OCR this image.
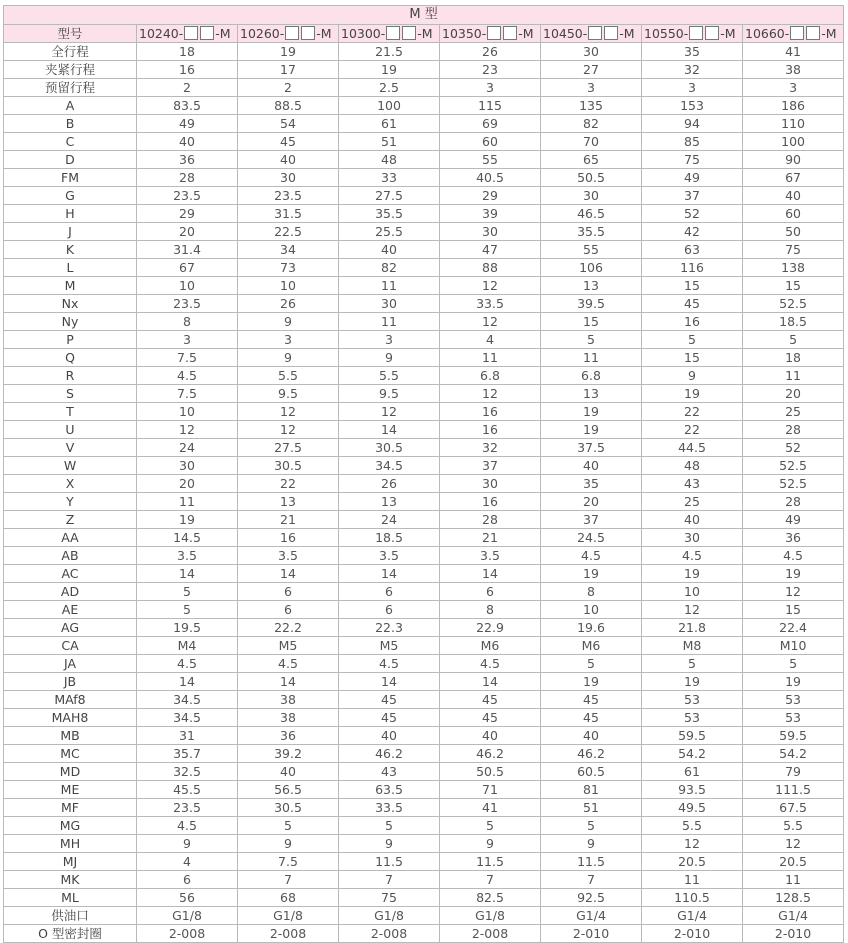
M 型							
型号	10240- -M	10260- -M	10300- -M	10350- -M	10450- -M	10550- -M	10660- -M
全行程	18	19	21.5	26	30	35	41
夹紧行程	16	17	19	23	27	32	38
预留行程	2	2	2.5	3	3	3	3
A	83.5	88.5	100	115	135	153	186
B	49	54	61	69	82	94	110
C	40	45	51	60	70	85	100
D	36	40	48	55	65	75	90
FM	28	30	33	40.5	50.5	49	67
G	23.5	23.5	27.5	29	30	37	40
H	29	31.5	35.5	39	46.5	52	60
J	20	22.5	25.5	30	35.5	42	50
K	31.4	34	40	47	55	63	75
L	67	73	82	88	106	116	138
M	10	10	11	12	13	15	15
Nx	23.5	26	30	33.5	39.5	45	52.5
Ny	8	9	11	12	15	16	18.5
P	3	3	3	4	5	5	5
Q	7.5	9	9	11	11	15	18
R	4.5	5.5	5.5	6.8	6.8	9	11
S	7.5	9.5	9.5	12	13	19	20
T	10	12	12	16	19	22	25
U	12	12	14	16	19	22	28
V	24	27.5	30.5	32	37.5	44.5	52
W	30	30.5	34.5	37	40	48	52.5
X	20	22	26	30	35	43	52.5
Y	11	13	13	16	20	25	28
Z	19	21	24	28	37	40	49
AA	14.5	16	18.5	21	24.5	30	36
AB	3.5	3.5	3.5	3.5	4.5	4.5	4.5
AC	14	14	14	14	19	19	19
AD	5	6	6	6	8	10	12
AE	5	6	6	8	10	12	15
AG	19.5	22.2	22.3	22.9	19.6	21.8	22.4
CA	M4	M5	M5	M6	M6	M8	M10
JA	4.5	4.5	4.5	4.5	5	5	5
JB	14	14	14	14	19	19	19
MAf8	34.5	38	45	45	45	53	53
MAH8	34.5	38	45	45	45	53	53
MB	31	36	40	40	40	59.5	59.5
MC	35.7	39.2	46.2	46.2	46.2	54.2	54.2
MD	32.5	40	43	50.5	60.5	61	79
ME	45.5	56.5	63.5	71	81	93.5	111.5
MF	23.5	30.5	33.5	41	51	49.5	67.5
MG	4.5	5	5	5	5	5.5	5.5
MH	9	9	9	9	9	12	12
MJ	4	7.5	11.5	11.5	11.5	20.5	20.5
MK	6	7	7	7	7	11	11
ML	56	68	75	82.5	92.5	110.5	128.5
供油口	G1/8	G1/8	G1/8	G1/8	G1/4	G1/4	G1/4
O 型密封圈	2-008	2-008	2-008	2-008	2-010	2-010	2-010
